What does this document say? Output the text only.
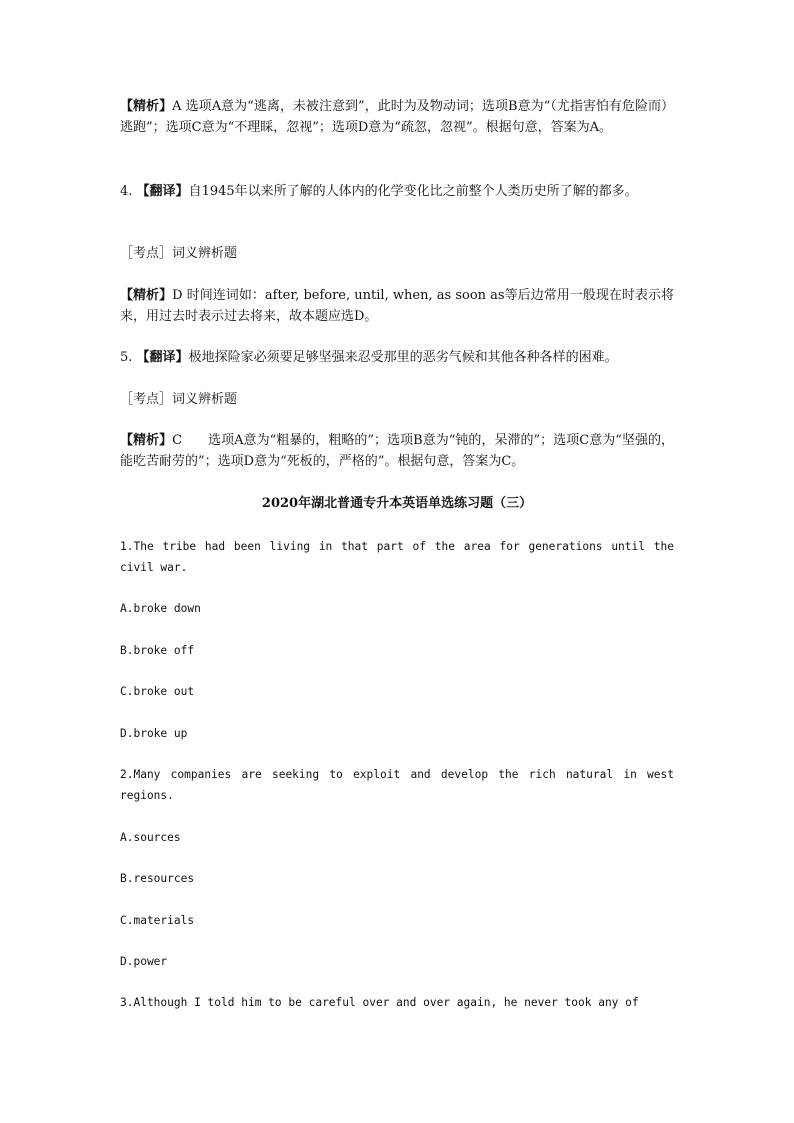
【精析】A 选项A意为“逃离，未被注意到”，此时为及物动词；选项B意为“（尤指害怕有危险而）逃跑”；选项C意为“不理睬，忽视”；选项D意为“疏忽，忽视”。根据句意，答案为A。
4. 【翻译】自1945年以来所了解的人体内的化学变化比之前整个人类历史所了解的都多。
［考点］词义辨析题
【精析】D 时间连词如：after, before, until, when, as soon as等后边常用一般现在时表示将来，用过去时表示过去将来，故本题应选D。
5. 【翻译】极地探险家必须要足够坚强来忍受那里的恶劣气候和其他各种各样的困难。
［考点］词义辨析题
【精析】C　　选项A意为“粗暴的，粗略的”；选项B意为“钝的，呆滞的”；选项C意为“坚强的，能吃苦耐劳的”；选项D意为“死板的，严格的”。根据句意，答案为C。
2020年湖北普通专升本英语单选练习题（三）
1.The tribe had been living in that part of the area for generations until the civil war.
A.broke down
B.broke off
C.broke out
D.broke up
2.Many companies are seeking to exploit and develop the rich natural in west regions.
A.sources
B.resources
C.materials
D.power
3.Although I told him to be careful over and over again, he never took any of
